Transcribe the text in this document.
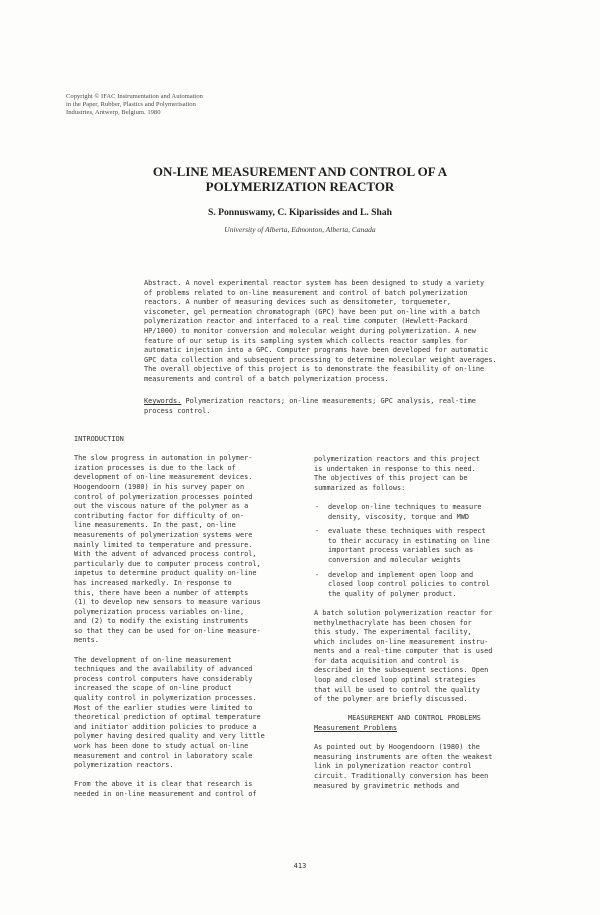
Copyright © IFAC Instrumentation and Automation
in the Paper, Rubber, Plastics and Polymerisation
Industries, Antwerp, Belgium. 1980
ON-LINE MEASUREMENT AND CONTROL OF A
POLYMERIZATION REACTOR
S. Ponnuswamy, C. Kiparissides and L. Shah
University of Alberta, Edmonton, Alberta, Canada
Abstract. A novel experimental reactor system has been designed to study a variety
of problems related to on-line measurement and control of batch polymerization
reactors. A number of measuring devices such as densitometer, torquemeter,
viscometer, gel permeation chromatograph (GPC) have been put on-line with a batch
polymerization reactor and interfaced to a real time computer (Hewlett-Packard
HP/1000) to monitor conversion and molecular weight during polymerization. A new
feature of our setup is its sampling system which collects reactor samples for
automatic injection into a GPC. Computer programs have been developed for automatic
GPC data collection and subsequent processing to determine molecular weight averages.
The overall objective of this project is to demonstrate the feasibility of on-line
measurements and control of a batch polymerization process.
Keywords. Polymerization reactors; on-line measurements; GPC analysis, real-time
process control.
INTRODUCTION
The slow progress in automation in polymer-
ization processes is due to the lack of
development of on-line measurement devices.
Hoogendoorn (1980) in his survey paper on
control of polymerization processes pointed
out the viscous nature of the polymer as a
contributing factor for difficulty of on-
line measurements. In the past, on-line
measurements of polymerization systems were
mainly limited to temperature and pressure.
With the advent of advanced process control,
particularly due to computer process control,
impetus to determine product quality on-line
has increased markedly. In response to
this, there have been a number of attempts
(1) to develop new sensors to measure various
polymerization process variables on-line,
and (2) to modify the existing instruments
so that they can be used for on-line measure-
ments.
The development of on-line measurement
techniques and the availability of advanced
process control computers have considerably
increased the scope of on-line product
quality control in polymerization processes.
Most of the earlier studies were limited to
theoretical prediction of optimal temperature
and initiator addition policies to produce a
polymer having desired quality and very little
work has been done to study actual on-line
measurement and control in laboratory scale
polymerization reactors.
From the above it is clear that research is
needed in on-line measurement and control of
polymerization reactors and this project
is undertaken in response to this need.
The objectives of this project can be
summarized as follows:
- develop on-line techniques to measure
density, viscosity, torque and MWD
- evaluate these techniques with respect
to their accuracy in estimating on line
important process variables such as
conversion and molecular weights
- develop and implement open loop and
closed loop control policies to control
the quality of polymer product.
A batch solution polymerization reactor for
methylmethacrylate has been chosen for
this study. The experimental facility,
which includes on-line measurement instru-
ments and a real-time computer that is used
for data acquisition and control is
described in the subsequent sections. Open
loop and closed loop optimal strategies
that will be used to control the quality
of the polymer are briefly discussed.
MEASUREMENT AND CONTROL PROBLEMS
Measurement Problems
As pointed out by Hoogendoorn (1980) the
measuring instruments are often the weakest
link in polymerization reactor control
circuit. Traditionally conversion has been
measured by gravimetric methods and
413
